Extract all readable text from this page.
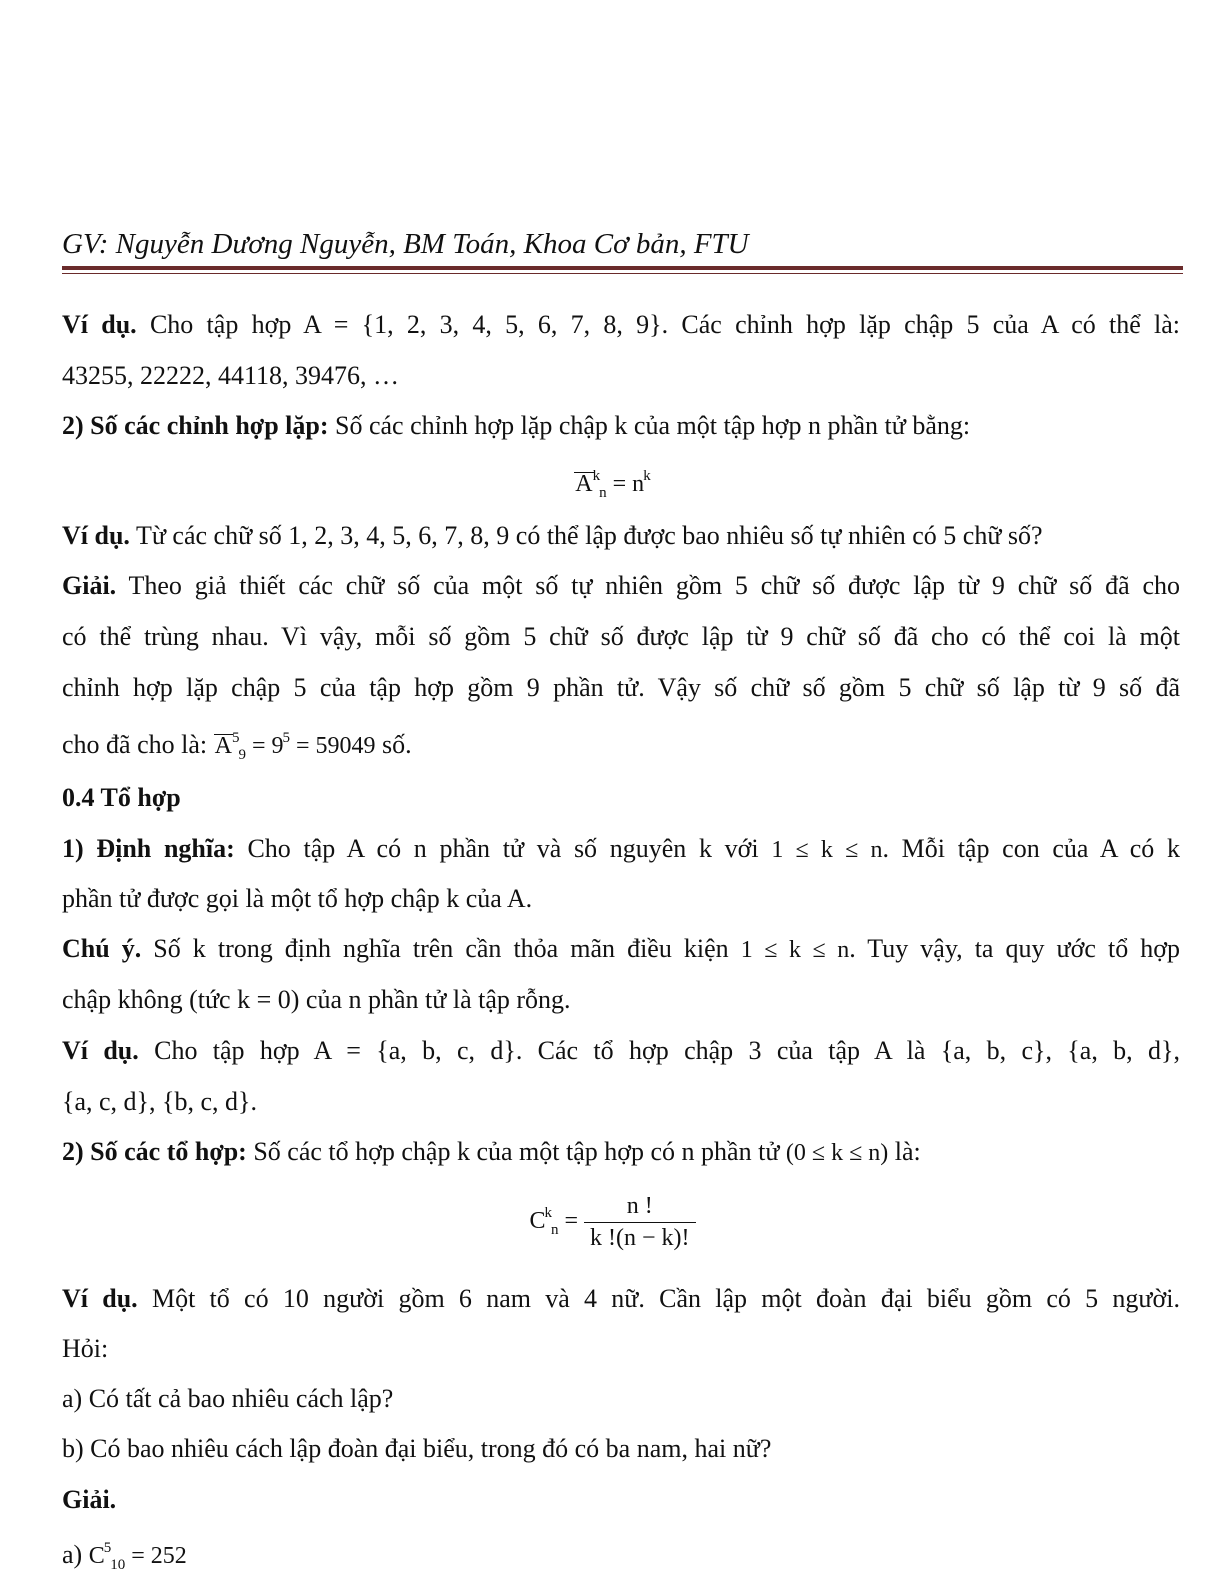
GV: Nguyễn Dương Nguyễn, BM Toán, Khoa Cơ bản, FTU
Ví dụ. Cho tập hợp A = {1, 2, 3, 4, 5, 6, 7, 8, 9}. Các chỉnh hợp lặp chập 5 của A có thể là:
43255, 22222, 44118, 39476, …
2) Số các chỉnh hợp lặp: Số các chỉnh hợp lặp chập k của một tập hợp n phần tử bằng:
$A^k_n = n^k$
Ví dụ. Từ các chữ số 1, 2, 3, 4, 5, 6, 7, 8, 9 có thể lập được bao nhiêu số tự nhiên có 5 chữ số?
Giải. Theo giả thiết các chữ số của một số tự nhiên gồm 5 chữ số được lập từ 9 chữ số đã cho
có thể trùng nhau. Vì vậy, mỗi số gồm 5 chữ số được lập từ 9 chữ số đã cho có thể coi là một
chỉnh hợp lặp chập 5 của tập hợp gồm 9 phần tử. Vậy số chữ số gồm 5 chữ số lập từ 9 số đã
cho đã cho là: $A^5_9 = 9^5 = 59049$ số.
0.4 Tổ hợp
1) Định nghĩa: Cho tập A có n phần tử và số nguyên k với 1 ≤ k ≤ n. Mỗi tập con của A có k
phần tử được gọi là một tổ hợp chập k của A.
Chú ý. Số k trong định nghĩa trên cần thỏa mãn điều kiện 1 ≤ k ≤ n. Tuy vậy, ta quy ước tổ hợp
chập không (tức k = 0) của n phần tử là tập rỗng.
Ví dụ. Cho tập hợp A = {a, b, c, d}. Các tổ hợp chập 3 của tập A là {a, b, c}, {a, b, d},
{a, c, d}, {b, c, d}.
2) Số các tổ hợp: Số các tổ hợp chập k của một tập hợp có n phần tử (0 ≤ k ≤ n) là:
$C^k_n = \frac{n !}{k !(n - k)!}$
Ví dụ. Một tổ có 10 người gồm 6 nam và 4 nữ. Cần lập một đoàn đại biểu gồm có 5 người.
Hỏi:
a) Có tất cả bao nhiêu cách lập?
b) Có bao nhiêu cách lập đoàn đại biểu, trong đó có ba nam, hai nữ?
Giải.
a) $C^5_{10} = 252$
